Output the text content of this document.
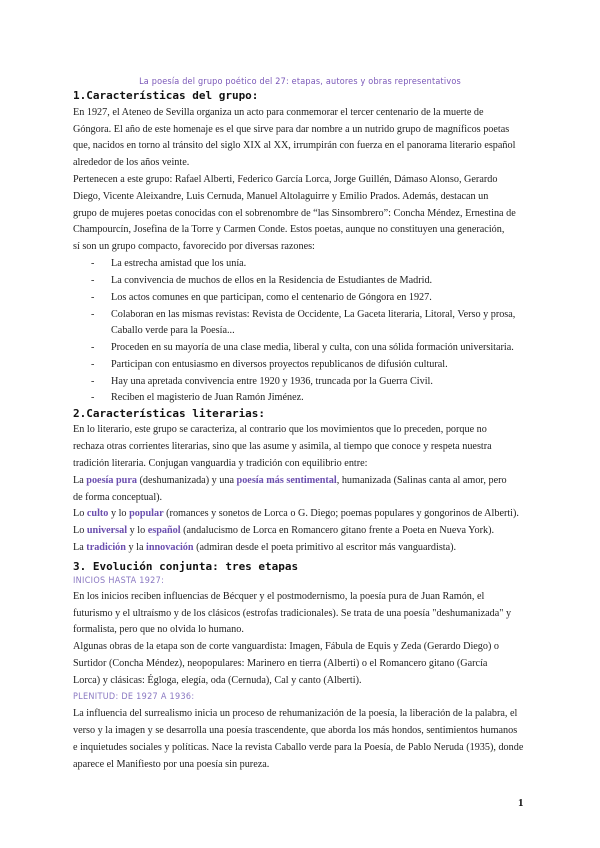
La poesía del grupo poético del 27: etapas, autores y obras representativos
1.Características del grupo:
En 1927, el Ateneo de Sevilla organiza un acto para conmemorar el tercer centenario de la muerte de
Góngora. El año de este homenaje es el que sirve para dar nombre a un nutrido grupo de magníficos poetas
que, nacidos en torno al tránsito del siglo XIX al XX, irrumpirán con fuerza en el panorama literario español
alrededor de los años veinte.
Pertenecen a este grupo: Rafael Alberti, Federico García Lorca, Jorge Guillén, Dámaso Alonso, Gerardo
Diego, Vicente Aleixandre, Luis Cernuda, Manuel Altolaguirre y Emilio Prados. Además, destacan un
grupo de mujeres poetas conocidas con el sobrenombre de “las Sinsombrero”: Concha Méndez, Ernestina de
Champourcín, Josefina de la Torre y Carmen Conde. Estos poetas, aunque no constituyen una generación,
sí son un grupo compacto, favorecido por diversas razones:
- La estrecha amistad que los unía.
- La convivencia de muchos de ellos en la Residencia de Estudiantes de Madrid.
- Los actos comunes en que participan, como el centenario de Góngora en 1927.
- Colaboran en las mismas revistas: Revista de Occidente, La Gaceta literaria, Litoral, Verso y prosa,
Caballo verde para la Poesía...
- Proceden en su mayoría de una clase media, liberal y culta, con una sólida formación universitaria.
- Participan con entusiasmo en diversos proyectos republicanos de difusión cultural.
- Hay una apretada convivencia entre 1920 y 1936, truncada por la Guerra Civil.
- Reciben el magisterio de Juan Ramón Jiménez.
2.Características literarias:
En lo literario, este grupo se caracteriza, al contrario que los movimientos que lo preceden, porque no
rechaza otras corrientes literarias, sino que las asume y asimila, al tiempo que conoce y respeta nuestra
tradición literaria. Conjugan vanguardia y tradición con equilibrio entre:
La poesía pura (deshumanizada) y una poesía más sentimental, humanizada (Salinas canta al amor, pero
de forma conceptual).
Lo culto y lo popular (romances y sonetos de Lorca o G. Diego; poemas populares y gongorinos de Alberti).
Lo universal y lo español (andalucismo de Lorca en Romancero gitano frente a Poeta en Nueva York).
La tradición y la innovación (admiran desde el poeta primitivo al escritor más vanguardista).
3. Evolución conjunta: tres etapas
INICIOS HASTA 1927:
En los inicios reciben influencias de Bécquer y el postmodernismo, la poesía pura de Juan Ramón, el
futurismo y el ultraísmo y de los clásicos (estrofas tradicionales). Se trata de una poesía "deshumanizada" y
formalista, pero que no olvida lo humano.
Algunas obras de la etapa son de corte vanguardista: Imagen, Fábula de Equis y Zeda (Gerardo Diego) o
Surtidor (Concha Méndez), neopopulares: Marinero en tierra (Alberti) o el Romancero gitano (García
Lorca) y clásicas: Égloga, elegía, oda (Cernuda), Cal y canto (Alberti).
PLENITUD: DE 1927 A 1936:
La influencia del surrealismo inicia un proceso de rehumanización de la poesía, la liberación de la palabra, el
verso y la imagen y se desarrolla una poesía trascendente, que aborda los más hondos, sentimientos humanos
e inquietudes sociales y políticas. Nace la revista Caballo verde para la Poesía, de Pablo Neruda (1935), donde
aparece el Manifiesto por una poesía sin pureza.
1
